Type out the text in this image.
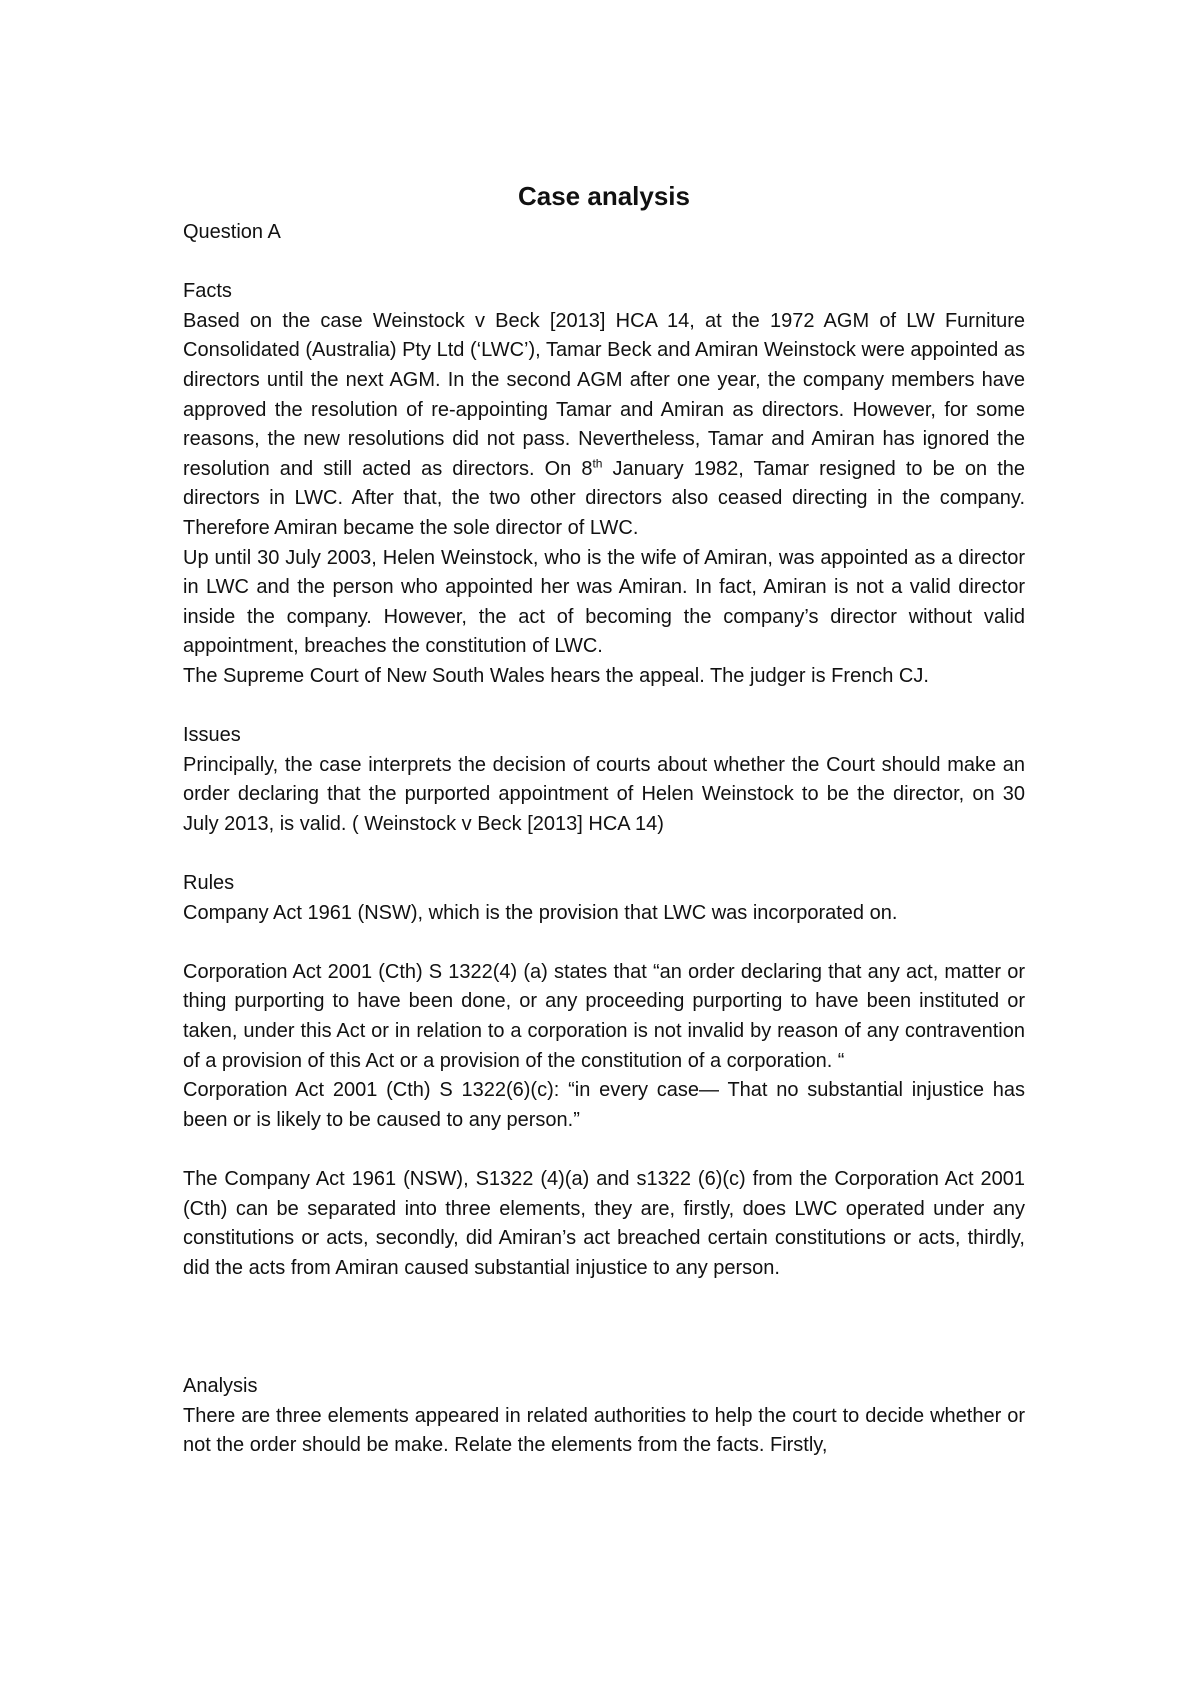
Case analysis

Question A

Facts

Based on the case Weinstock v Beck [2013] HCA 14, at the 1972 AGM of LW Furniture Consolidated (Australia) Pty Ltd (‘LWC’), Tamar Beck and Amiran Weinstock were appointed as directors until the next AGM. In the second AGM after one year, the company members have approved the resolution of re-appointing Tamar and Amiran as directors. However, for some reasons, the new resolutions did not pass. Nevertheless, Tamar and Amiran has ignored the resolution and still acted as directors. On 8th January 1982, Tamar resigned to be on the directors in LWC. After that, the two other directors also ceased directing in the company. Therefore Amiran became the sole director of LWC.

Up until 30 July 2003, Helen Weinstock, who is the wife of Amiran, was appointed as a director in LWC and the person who appointed her was Amiran. In fact, Amiran is not a valid director inside the company. However, the act of becoming the company’s director without valid appointment, breaches the constitution of LWC.

The Supreme Court of New South Wales hears the appeal. The judger is French CJ.

Issues

Principally, the case interprets the decision of courts about whether the Court should make an order declaring that the purported appointment of Helen Weinstock to be the director, on 30 July 2013, is valid. ( Weinstock v Beck [2013] HCA 14)

Rules

Company Act 1961 (NSW), which is the provision that LWC was incorporated on.

Corporation Act 2001 (Cth) S 1322(4) (a) states that “an order declaring that any act, matter or thing purporting to have been done, or any proceeding purporting to have been instituted or taken, under this Act or in relation to a corporation is not invalid by reason of any contravention of a provision of this Act or a provision of the constitution of a corporation. “

Corporation Act 2001 (Cth) S 1322(6)(c): “in every case— That no substantial injustice has been or is likely to be caused to any person.”

The Company Act 1961 (NSW), S1322 (4)(a) and s1322 (6)(c) from the Corporation Act 2001 (Cth) can be separated into three elements, they are, firstly, does LWC operated under any constitutions or acts, secondly, did Amiran’s act breached certain constitutions or acts, thirdly, did the acts from Amiran caused substantial injustice to any person.

Analysis

There are three elements appeared in related authorities to help the court to decide whether or not the order should be make. Relate the elements from the facts. Firstly,
